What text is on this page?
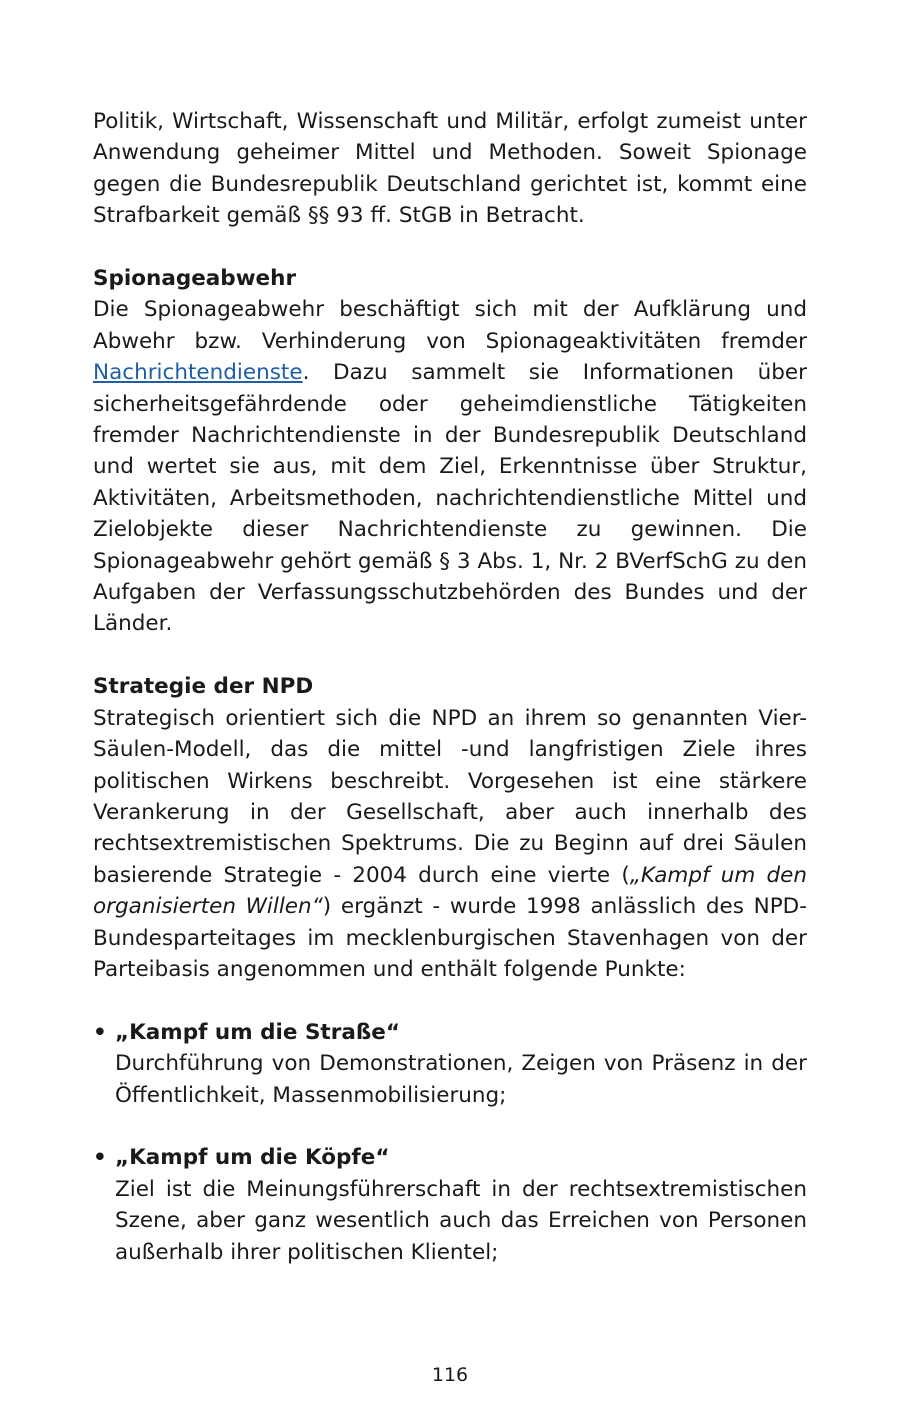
Politik, Wirtschaft, Wissenschaft und Militär, erfolgt zumeist unter Anwendung geheimer Mittel und Methoden. Soweit Spionage gegen die Bundesrepublik Deutschland gerichtet ist, kommt eine Strafbarkeit gemäß §§ 93 ff. StGB in Betracht.

Spionageabwehr

Die Spionageabwehr beschäftigt sich mit der Aufklärung und Abwehr bzw. Verhinderung von Spionageaktivitäten fremder Nachrichtendienste. Dazu sammelt sie Informationen über sicherheitsgefährdende oder geheimdienstliche Tätigkeiten fremder Nachrichtendienste in der Bundesrepublik Deutschland und wertet sie aus, mit dem Ziel, Erkenntnisse über Struktur, Aktivitäten, Arbeitsmethoden, nachrichtendienstliche Mittel und Zielobjekte dieser Nachrichtendienste zu gewinnen. Die Spionageabwehr gehört gemäß § 3 Abs. 1, Nr. 2 BVerfSchG zu den Aufgaben der Verfassungsschutzbehörden des Bundes und der Länder.

Strategie der NPD

Strategisch orientiert sich die NPD an ihrem so genannten Vier-Säulen-Modell, das die mittel -und langfristigen Ziele ihres politischen Wirkens beschreibt. Vorgesehen ist eine stärkere Verankerung in der Gesellschaft, aber auch innerhalb des rechtsextremistischen Spektrums. Die zu Beginn auf drei Säulen basierende Strategie - 2004 durch eine vierte („Kampf um den organisierten Willen“) ergänzt - wurde 1998 anlässlich des NPD-Bundesparteitages im mecklenburgischen Stavenhagen von der Parteibasis angenommen und enthält folgende Punkte:

• „Kampf um die Straße“

Durchführung von Demonstrationen, Zeigen von Präsenz in der Öffentlichkeit, Massenmobilisierung;

• „Kampf um die Köpfe“

Ziel ist die Meinungsführerschaft in der rechtsextremistischen Szene, aber ganz wesentlich auch das Erreichen von Personen außerhalb ihrer politischen Klientel;

116
